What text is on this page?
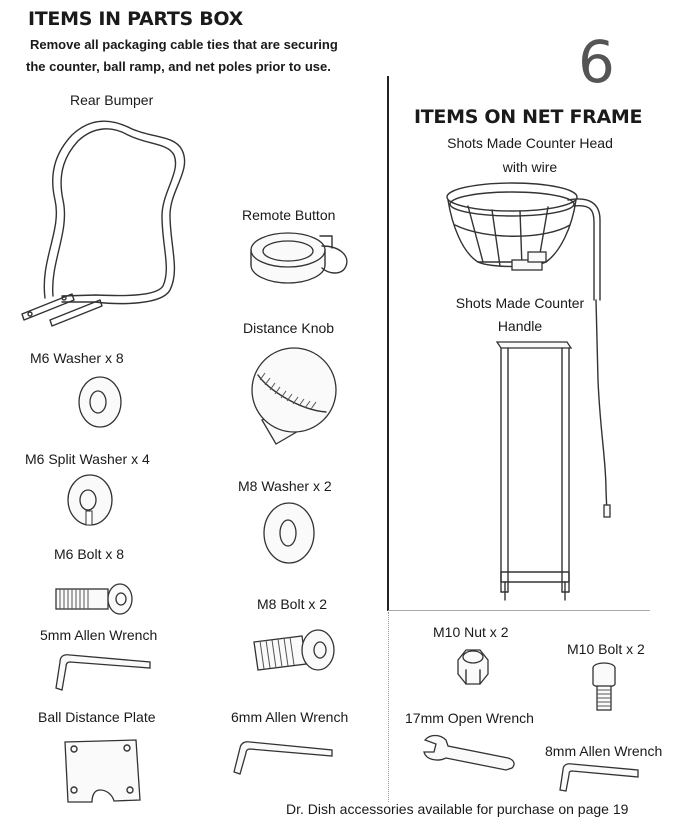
ITEMS IN PARTS BOX
Remove all packaging cable ties that are securing
the counter, ball ramp, and net poles prior to use.	6
ITEMS ON NET FRAME
Rear Bumper
Remote Button
Distance Knob
M6 Washer x 8
M6 Split Washer x 4
M8 Washer x 2
M6 Bolt x 8
M8 Bolt x 2
5mm Allen Wrench
Ball Distance Plate	6mm Allen Wrench
M10 Nut x 2
M10 Bolt x 2
17mm Open Wrench
8mm Allen Wrench
Shots Made Counter Head
with wire
Shots Made Counter
Handle
Dr. Dish accessories available for purchase on page 19
